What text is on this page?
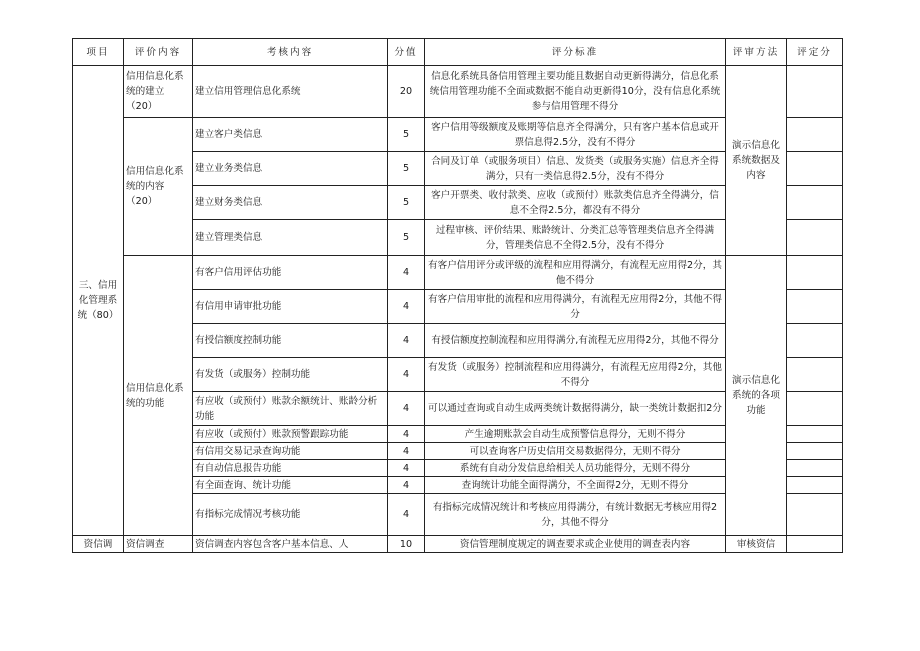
项目	评价内容	考核内容	分值	评分标准	评审方法	评定分
三、信用化管理系统（80）	信用信息化系统的建立（20）	建立信用管理信息化系统	20	信息化系统具备信用管理主要功能且数据自动更新得满分，信息化系统信用管理功能不全面或数据不能自动更新得10分，没有信息化系统参与信用管理不得分	演示信息化系统数据及内容	
	信用信息化系统的内容（20）	建立客户类信息	5	客户信用等级额度及账期等信息齐全得满分，只有客户基本信息或开票信息得2.5分，没有不得分		
		建立业务类信息	5	合同及订单（或服务项目）信息、发货类（或服务实施）信息齐全得满分，只有一类信息得2.5分，没有不得分		
		建立财务类信息	5	客户开票类、收付款类、应收（或预付）账款类信息齐全得满分，信息不全得2.5分，都没有不得分		
		建立管理类信息	5	过程审核、评价结果、账龄统计、分类汇总等管理类信息齐全得满分，管理类信息不全得2.5分，没有不得分		
	信用信息化系统的功能	有客户信用评估功能	4	有客户信用评分或评级的流程和应用得满分，有流程无应用得2分，其他不得分	演示信息化系统的各项功能	
		有信用申请审批功能	4	有客户信用审批的流程和应用得满分，有流程无应用得2分，其他不得分		
		有授信额度控制功能	4	有授信额度控制流程和应用得满分,有流程无应用得2分，其他不得分		
		有发货（或服务）控制功能	4	有发货（或服务）控制流程和应用得满分，有流程无应用得2分，其他不得分		
		有应收（或预付）账款余额统计、账龄分析功能	4	可以通过查询或自动生成两类统计数据得满分，缺一类统计数据扣2分		
		有应收（或预付）账款预警跟踪功能	4	产生逾期账款会自动生成预警信息得分，无则不得分		
		有信用交易记录查询功能	4	可以查询客户历史信用交易数据得分，无则不得分		
		有自动信息报告功能	4	系统有自动分发信息给相关人员功能得分，无则不得分		
		有全面查询、统计功能	4	查询统计功能全面得满分，不全面得2分，无则不得分		
		有指标完成情况考核功能	4	有指标完成情况统计和考核应用得满分，有统计数据无考核应用得2分，其他不得分		
资信调	资信调查	资信调查内容包含客户基本信息、人	10	资信管理制度规定的调查要求或企业使用的调查表内容	审核资信	
